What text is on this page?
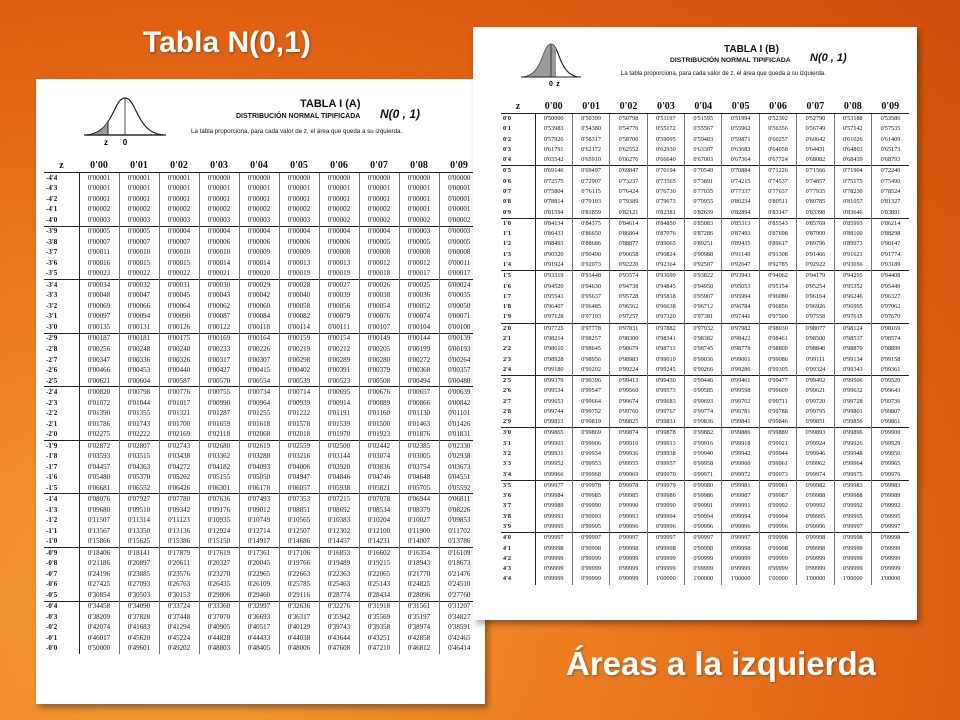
Tabla N(0,1)
z 0
TABLA I (A)
DISTRIBUCIÓN NORMAL TIPIFICADA N(0 , 1)
La tabla proporciona, para cada valor de z, el área que queda a su izquierda.
z	0'00	0'01	0'02	0'03	0'04	0'05	0'06	0'07	0'08	0'09
-4'4	0'00001	0'00001	0'00001	0'00000	0'00000	0'00000	0'00000	0'00000	0'00000	0'00000
-4'3	0'00001	0'00001	0'00001	0'00001	0'00001	0'00001	0'00001	0'00001	0'00001	0'00001
-4'2	0'00001	0'00001	0'00001	0'00001	0'00001	0'00001	0'00001	0'00001	0'00001	0'00001
-4'1	0'00002	0'00002	0'00002	0'00002	0'00002	0'00002	0'00002	0'00002	0'00001	0'00001
-4'0	0'00003	0'00003	0'00003	0'00003	0'00003	0'00003	0'00002	0'00002	0'00002	0'00002
-3'9	0'00005	0'00005	0'00004	0'00004	0'00004	0'00004	0'00004	0'00004	0'00003	0'00003
-3'8	0'00007	0'00007	0'00007	0'00006	0'00006	0'00006	0'00006	0'00005	0'00005	0'00005
-3'7	0'00011	0'00010	0'00010	0'00010	0'00009	0'00009	0'00008	0'00008	0'00008	0'00008
-3'6	0'00016	0'00015	0'00015	0'00014	0'00014	0'00013	0'00013	0'00012	0'00012	0'00011
-3'5	0'00023	0'00022	0'00022	0'00021	0'00020	0'00019	0'00019	0'00018	0'00017	0'00017
-3'4	0'00034	0'00032	0'00031	0'00030	0'00029	0'00028	0'00027	0'00026	0'00025	0'00024
-3'3	0'00048	0'00047	0'00045	0'00043	0'00042	0'00040	0'00039	0'00038	0'00036	0'00035
-3'2	0'00069	0'00066	0'00064	0'00062	0'00060	0'00058	0'00056	0'00054	0'00052	0'00050
-3'1	0'00097	0'00094	0'00090	0'00087	0'00084	0'00082	0'00079	0'00076	0'00074	0'00071
-3'0	0'00135	0'00131	0'00126	0'00122	0'00118	0'00114	0'00111	0'00107	0'00104	0'00100
-2'9	0'00187	0'00181	0'00175	0'00169	0'00164	0'00159	0'00154	0'00149	0'00144	0'00139
-2'8	0'00256	0'00248	0'00240	0'00233	0'00226	0'00219	0'00212	0'00205	0'00199	0'00193
-2'7	0'00347	0'00336	0'00326	0'00317	0'00307	0'00298	0'00289	0'00280	0'00272	0'00264
-2'6	0'00466	0'00453	0'00440	0'00427	0'00415	0'00402	0'00391	0'00379	0'00368	0'00357
-2'5	0'00621	0'00604	0'00587	0'00570	0'00554	0'00539	0'00523	0'00508	0'00494	0'00480
-2'4	0'00820	0'00798	0'00776	0'00755	0'00734	0'00714	0'00695	0'00676	0'00657	0'00639
-2'3	0'01072	0'01044	0'01017	0'00990	0'00964	0'00939	0'00914	0'00889	0'00866	0'00842
-2'2	0'01390	0'01355	0'01321	0'01287	0'01255	0'01222	0'01191	0'01160	0'01130	0'01101
-2'1	0'01786	0'01743	0'01700	0'01659	0'01618	0'01578	0'01539	0'01500	0'01463	0'01426
-2'0	0'02275	0'02222	0'02169	0'02118	0'02068	0'02018	0'01970	0'01923	0'01876	0'01831
-1'9	0'02872	0'02807	0'02743	0'02680	0'02619	0'02559	0'02500	0'02442	0'02385	0'02330
-1'8	0'03593	0'03515	0'03438	0'03362	0'03288	0'03216	0'03144	0'03074	0'03005	0'02938
-1'7	0'04457	0'04363	0'04272	0'04182	0'04093	0'04006	0'03920	0'03836	0'03754	0'03673
-1'6	0'05480	0'05370	0'05262	0'05155	0'05050	0'04947	0'04846	0'04746	0'04648	0'04551
-1'5	0'06681	0'06552	0'06426	0'06301	0'06178	0'06057	0'05938	0'05821	0'05705	0'05592
-1'4	0'08076	0'07927	0'07780	0'07636	0'07493	0'07353	0'07215	0'07078	0'06944	0'06811
-1'3	0'09680	0'09510	0'09342	0'09176	0'09012	0'08851	0'08692	0'08534	0'08379	0'08226
-1'2	0'11507	0'11314	0'11123	0'10935	0'10749	0'10565	0'10383	0'10204	0'10027	0'09853
-1'1	0'13567	0'13350	0'13136	0'12924	0'12714	0'12507	0'12302	0'12100	0'11900	0'11702
-1'0	0'15866	0'15625	0'15386	0'15150	0'14917	0'14686	0'14457	0'14231	0'14007	0'13786
-0'9	0'18406	0'18141	0'17879	0'17619	0'17361	0'17106	0'16853	0'16602	0'16354	0'16109
-0'8	0'21186	0'20897	0'20611	0'20327	0'20045	0'19766	0'19489	0'19215	0'18943	0'18673
-0'7	0'24196	0'23885	0'23576	0'23270	0'22965	0'22663	0'22363	0'22065	0'21770	0'21476
-0'6	0'27425	0'27093	0'26763	0'26435	0'26109	0'25785	0'25463	0'25143	0'24825	0'24510
-0'5	0'30854	0'30503	0'30153	0'29806	0'29460	0'29116	0'28774	0'28434	0'28096	0'27760
-0'4	0'34458	0'34090	0'33724	0'33360	0'32997	0'32636	0'32276	0'31918	0'31561	0'31207
-0'3	0'38209	0'37828	0'37448	0'37070	0'36693	0'36317	0'35942	0'35569	0'35197	0'34827
-0'2	0'42074	0'41683	0'41294	0'40905	0'40517	0'40129	0'39743	0'39358	0'38974	0'38591
-0'1	0'46017	0'45620	0'45224	0'44828	0'44433	0'44038	0'43644	0'43251	0'42858	0'42465
-0'0	0'50000	0'49601	0'49202	0'48803	0'48405	0'48006	0'47608	0'47210	0'46812	0'46414
0 z
TABLA I (B)
DISTRIBUCIÓN NORMAL TIPIFICADA N(0 , 1)
La tabla proporciona, para cada valor de z, el área que queda a su izquierda.
z	0'00	0'01	0'02	0'03	0'04	0'05	0'06	0'07	0'08	0'09
0'0	0'50000	0'50399	0'50798	0'51197	0'51595	0'51994	0'52392	0'52790	0'53188	0'53586
0'1	0'53983	0'54380	0'54776	0'55172	0'55567	0'55962	0'56356	0'56749	0'57142	0'57535
0'2	0'57926	0'58317	0'58706	0'59095	0'59483	0'59871	0'60257	0'60642	0'61026	0'61409
0'3	0'61791	0'62172	0'62552	0'62930	0'63307	0'63683	0'64058	0'64431	0'64803	0'65173
0'4	0'65542	0'65910	0'66276	0'66640	0'67003	0'67364	0'67724	0'68082	0'68439	0'68793
0'5	0'69146	0'69497	0'69847	0'70194	0'70540	0'70884	0'71226	0'71566	0'71904	0'72240
0'6	0'72575	0'72907	0'73237	0'73565	0'73891	0'74215	0'74537	0'74857	0'75175	0'75490
0'7	0'75804	0'76115	0'76424	0'76730	0'77035	0'77337	0'77637	0'77935	0'78230	0'78524
0'8	0'78814	0'79103	0'79389	0'79673	0'79955	0'80234	0'80511	0'80785	0'81057	0'81327
0'9	0'81594	0'81859	0'82121	0'82381	0'82639	0'82894	0'83147	0'83398	0'83646	0'83891
1'0	0'84134	0'84375	0'84614	0'84850	0'85083	0'85313	0'85543	0'85769	0'85993	0'86214
1'1	0'86433	0'86650	0'86864	0'87076	0'87286	0'87493	0'87698	0'87900	0'88100	0'88298
1'2	0'88493	0'88686	0'88877	0'89065	0'89251	0'89435	0'89617	0'89796	0'89973	0'90147
1'3	0'90320	0'90490	0'90658	0'90824	0'90988	0'91149	0'91308	0'91466	0'91621	0'91774
1'4	0'91924	0'92073	0'92220	0'92364	0'92507	0'92647	0'92785	0'92922	0'93056	0'93189
1'5	0'93319	0'93448	0'93574	0'93699	0'93822	0'93943	0'94062	0'94179	0'94295	0'94408
1'6	0'94520	0'94630	0'94738	0'94845	0'94950	0'95053	0'95154	0'95254	0'95352	0'95449
1'7	0'95543	0'95637	0'95728	0'95818	0'95907	0'95994	0'96080	0'96164	0'96246	0'96327
1'8	0'96407	0'96485	0'96562	0'96638	0'96712	0'96784	0'96856	0'96926	0'96995	0'97062
1'9	0'97128	0'97193	0'97257	0'97320	0'97381	0'97441	0'97500	0'97558	0'97615	0'97670
2'0	0'97725	0'97778	0'97831	0'97882	0'97932	0'97982	0'98030	0'98077	0'98124	0'98169
2'1	0'98214	0'98257	0'98300	0'98341	0'98382	0'98422	0'98461	0'98500	0'98537	0'98574
2'2	0'98610	0'98645	0'98679	0'98713	0'98745	0'98778	0'98809	0'98840	0'98870	0'98899
2'3	0'98928	0'98956	0'98983	0'99010	0'99036	0'99061	0'99086	0'99111	0'99134	0'99158
2'4	0'99180	0'99202	0'99224	0'99245	0'99266	0'99286	0'99305	0'99324	0'99343	0'99361
2'5	0'99379	0'99396	0'99413	0'99430	0'99446	0'99461	0'99477	0'99492	0'99506	0'99520
2'6	0'99534	0'99547	0'99560	0'99573	0'99585	0'99598	0'99609	0'99621	0'99632	0'99643
2'7	0'99653	0'99664	0'99674	0'99683	0'99693	0'99702	0'99711	0'99720	0'99728	0'99736
2'8	0'99744	0'99752	0'99760	0'99767	0'99774	0'99781	0'99788	0'99795	0'99801	0'99807
2'9	0'99813	0'99819	0'99825	0'99831	0'99836	0'99841	0'99846	0'99851	0'99856	0'99861
3'0	0'99865	0'99869	0'99874	0'99878	0'99882	0'99886	0'99889	0'99893	0'99896	0'99900
3'1	0'99903	0'99906	0'99910	0'99913	0'99916	0'99918	0'99921	0'99924	0'99926	0'99929
3'2	0'99931	0'99934	0'99936	0'99938	0'99940	0'99942	0'99944	0'99946	0'99948	0'99950
3'3	0'99952	0'99953	0'99955	0'99957	0'99958	0'99960	0'99961	0'99962	0'99964	0'99965
3'4	0'99966	0'99968	0'99969	0'99970	0'99971	0'99972	0'99973	0'99974	0'99975	0'99976
3'5	0'99977	0'99978	0'99978	0'99979	0'99980	0'99981	0'99981	0'99982	0'99983	0'99983
3'6	0'99984	0'99985	0'99985	0'99986	0'99986	0'99987	0'99987	0'99988	0'99988	0'99989
3'7	0'99989	0'99990	0'99990	0'99990	0'99991	0'99991	0'99992	0'99992	0'99992	0'99992
3'8	0'99993	0'99993	0'99993	0'99994	0'99994	0'99994	0'99994	0'99995	0'99995	0'99995
3'9	0'99995	0'99995	0'99996	0'99996	0'99996	0'99996	0'99996	0'99996	0'99997	0'99997
4'0	0'99997	0'99997	0'99997	0'99997	0'99997	0'99997	0'99998	0'99998	0'99998	0'99998
4'1	0'99998	0'99998	0'99998	0'99998	0'99998	0'99998	0'99998	0'99998	0'99999	0'99999
4'2	0'99999	0'99999	0'99999	0'99999	0'99999	0'99999	0'99999	0'99999	0'99999	0'99999
4'3	0'99999	0'99999	0'99999	0'99999	0'99999	0'99999	0'99999	0'99999	0'99999	0'99999
4'4	0'99999	0'99999	0'99999	1'00000	1'00000	1'00000	1'00000	1'00000	1'00000	1'00000
Áreas a la izquierda
